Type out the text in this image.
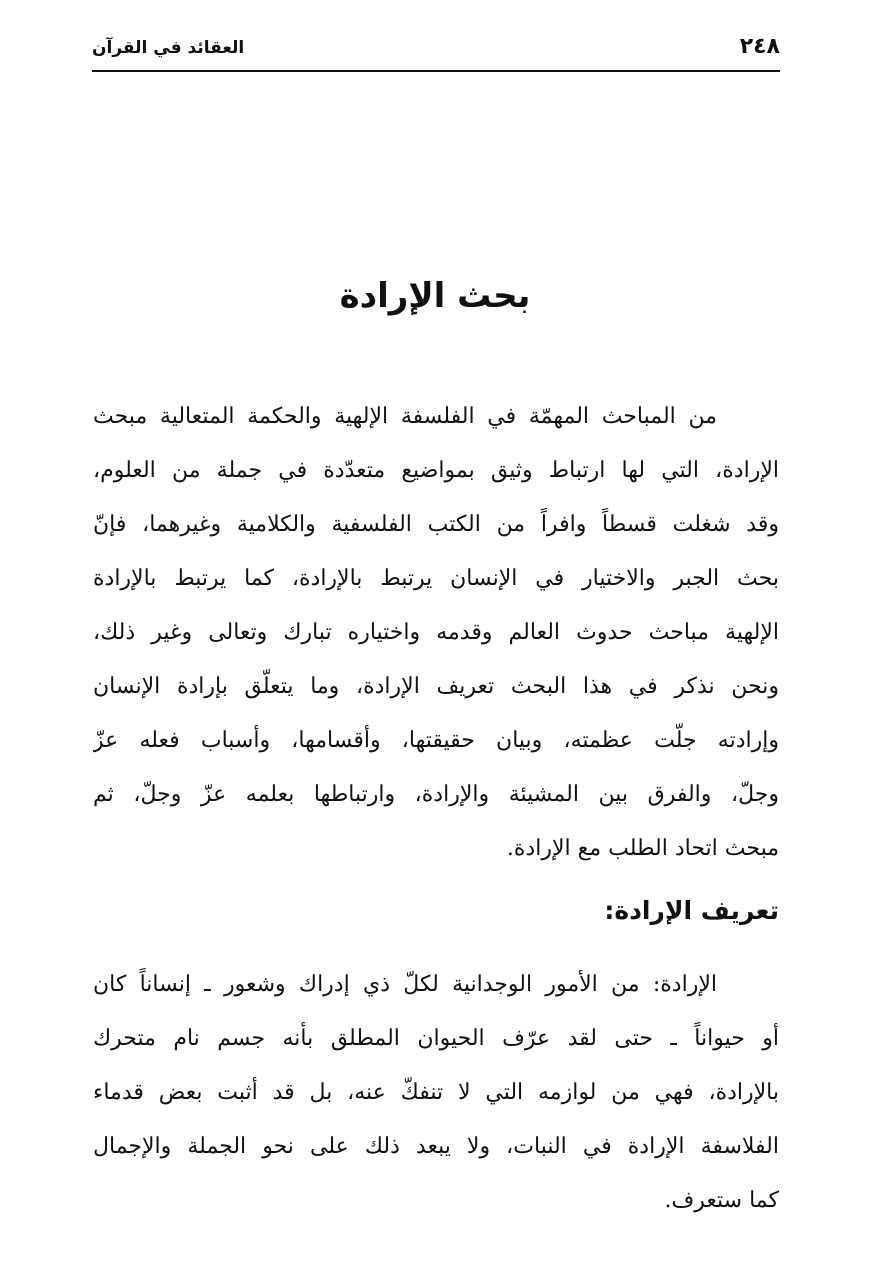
٢٤٨
العقائد في القرآن
بحث الإرادة
من المباحث المهمّة في الفلسفة الإلهية والحكمة المتعالية مبحث
الإرادة، التي لها ارتباط وثيق بمواضيع متعدّدة في جملة من العلوم،
وقد شغلت قسطاً وافراً من الكتب الفلسفية والكلامية وغيرهما، فإنّ
بحث الجبر والاختيار في الإنسان يرتبط بالإرادة، كما يرتبط بالإرادة
الإلهية مباحث حدوث العالم وقدمه واختياره تبارك وتعالى وغير ذلك،
ونحن نذكر في هذا البحث تعريف الإرادة، وما يتعلّق بإرادة الإنسان
وإرادته جلّت عظمته، وبيان حقيقتها، وأقسامها، وأسباب فعله عزّ
وجلّ، والفرق بين المشيئة والإرادة، وارتباطها بعلمه عزّ وجلّ، ثم
مبحث اتحاد الطلب مع الإرادة.
تعريف الإرادة:
الإرادة: من الأمور الوجدانية لكلّ ذي إدراك وشعور ـ إنساناً كان
أو حيواناً ـ حتى لقد عرّف الحيوان المطلق بأنه جسم نام متحرك
بالإرادة، فهي من لوازمه التي لا تنفكّ عنه، بل قد أثبت بعض قدماء
الفلاسفة الإرادة في النبات، ولا يبعد ذلك على نحو الجملة والإجمال
كما ستعرف.
